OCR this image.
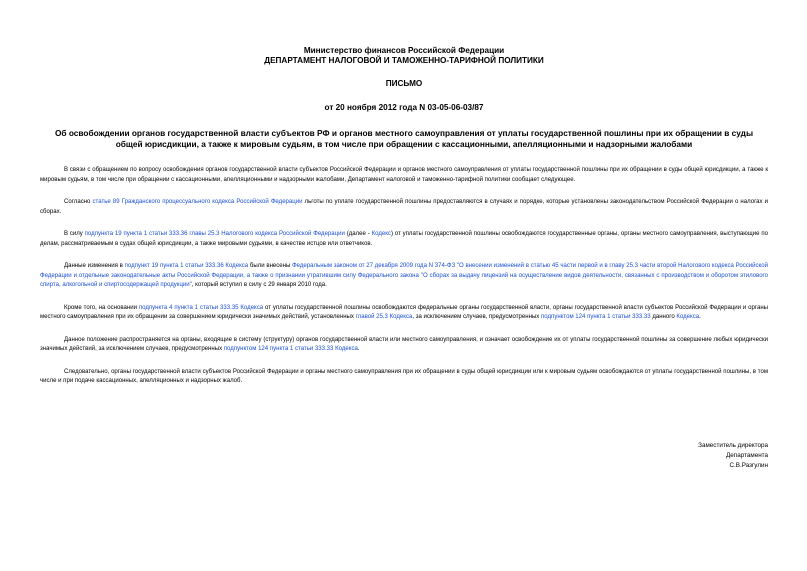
Министерство финансов Российской Федерации
ДЕПАРТАМЕНТ НАЛОГОВОЙ И ТАМОЖЕННО-ТАРИФНОЙ ПОЛИТИКИ
ПИСЬМО
от 20 ноября 2012 года N 03-05-06-03/87
Об освобождении органов государственной власти субъектов РФ и органов местного самоуправления от уплаты государственной пошлины при их обращении в суды общей юрисдикции, а также к мировым судьям, в том числе при обращении с кассационными, апелляционными и надзорными жалобами

В связи с обращением по вопросу освобождения органов государственной власти субъектов Российской Федерации и органов местного самоуправления от уплаты государственной пошлины при их обращении в суды общей юрисдикции, а также к мировым судьям, в том числе при обращении с кассационными, апелляционными и надзорными жалобами, Департамент налоговой и таможенно-тарифной политики сообщает следующее.

Согласно статье 89 Гражданского процессуального кодекса Российской Федерации льготы по уплате государственной пошлины предоставляются в случаях и порядке, которые установлены законодательством Российской Федерации о налогах и сборах.

В силу подпункта 19 пункта 1 статьи 333.36 главы 25.3 Налогового кодекса Российской Федерации (далее - Кодекс) от уплаты государственной пошлины освобождаются государственные органы, органы местного самоуправления, выступающие по делам, рассматриваемым в судах общей юрисдикции, а также мировыми судьями, в качестве истцов или ответчиков.

Данные изменения в подпункт 19 пункта 1 статьи 333.36 Кодекса были внесены Федеральным законом от 27 декабря 2009 года N 374-ФЗ "О внесении изменений в статью 45 части первой и в главу 25.3 части второй Налогового кодекса Российской Федерации и отдельные законодательные акты Российской Федерации, а также о признании утратившим силу Федерального закона "О сборах за выдачу лицензий на осуществление видов деятельности, связанных с производством и оборотом этилового спирта, алкогольной и спиртосодержащей продукции", который вступил в силу с 29 января 2010 года.

Кроме того, на основании подпункта 4 пункта 1 статьи 333.35 Кодекса от уплаты государственной пошлины освобождаются федеральные органы государственной власти, органы государственной власти субъектов Российской Федерации и органы местного самоуправления при их обращении за совершением юридически значимых действий, установленных главой 25.3 Кодекса, за исключением случаев, предусмотренных подпунктом 124 пункта 1 статьи 333.33 данного Кодекса.

Данное положение распространяется на органы, входящие в систему (структуру) органов государственной власти или местного самоуправления, и означает освобождение их от уплаты государственной пошлины за совершение любых юридически значимых действий, за исключением случаев, предусмотренных подпунктом 124 пункта 1 статьи 333.33 Кодекса.

Следовательно, органы государственной власти субъектов Российской Федерации и органы местного самоуправления при их обращении в суды общей юрисдикции или к мировым судьям освобождаются от уплаты государственной пошлины, в том числе и при подаче кассационных, апелляционных и надзорных жалоб.

Заместитель директора
Департамента
С.В.Разгулин
